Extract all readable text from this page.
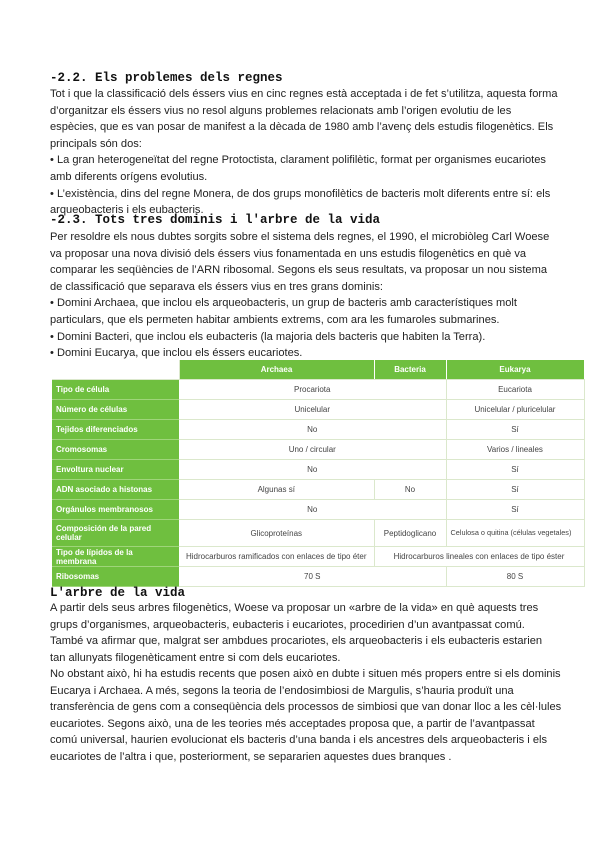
-2.2. Els problemes dels regnes

Tot i que la classificació dels éssers vius en cinc regnes està acceptada i de fet s’utilitza, aquesta forma d’organitzar els éssers vius no resol alguns problemes relacionats amb l’origen evolutiu de les espècies, que es van posar de manifest a la dècada de 1980 amb l’avenç dels estudis filogenètics. Els principals són dos:

• La gran heterogeneïtat del regne Protoctista, clarament polifilètic, format per organismes eucariotes amb diferents orígens evolutius.

• L’existència, dins del regne Monera, de dos grups monofilètics de bacteris molt diferents entre sí: els arqueobacteris i els eubacteris.

-2.3. Tots tres dominis i l'arbre de la vida

Per resoldre els nous dubtes sorgits sobre el sistema dels regnes, el 1990, el microbiòleg Carl Woese va proposar una nova divisió dels éssers vius fonamentada en uns estudis filogenètics en què va comparar les seqüències de l’ARN ribosomal. Segons els seus resultats, va proposar un nou sistema de classificació que separava els éssers vius en tres grans dominis:

• Domini Archaea, que inclou els arqueobacteris, un grup de bacteris amb característiques molt particulars, que els permeten habitar ambients extrems, com ara les fumaroles submarines.

• Domini Bacteri, que inclou els eubacteris (la majoria dels bacteris que habiten la Terra).

• Domini Eucarya, que inclou els éssers eucariotes.

	Archaea	Bacteria	Eukarya
Tipo de célula	Procariota		Eucariota
Número de células	Unicelular		Unicelular / pluricelular
Tejidos diferenciados	No		Sí
Cromosomas	Uno / circular		Varios / lineales
Envoltura nuclear	No		Sí
ADN asociado a histonas	Algunas sí	No	Sí
Orgánulos membranosos	No		Sí
Composición de la pared celular	Glicoproteínas	Peptidoglicano	Celulosa o quitina (células vegetales)
Tipo de lípidos de la membrana	Hidrocarburos ramificados con enlaces de tipo éter	Hidrocarburos lineales con enlaces de tipo éster	
Ribosomas	70 S		80 S
L'arbre de la vida

A partir dels seus arbres filogenètics, Woese va proposar un «arbre de la vida» en què aquests tres grups d’organismes, arqueobacteris, eubacteris i eucariotes, procedirien d’un avantpassat comú. També va afirmar que, malgrat ser ambdues procariotes, els arqueobacteris i els eubacteris estarien tan allunyats filogenèticament entre si com dels eucariotes.

No obstant això, hi ha estudis recents que posen això en dubte i situen més propers entre si els dominis Eucarya i Archaea. A més, segons la teoria de l’endosimbiosi de Margulis, s’hauria produït una transferència de gens com a conseqüència dels processos de simbiosi que van donar lloc a les cèl·lules eucariotes. Segons això, una de les teories més acceptades proposa que, a partir de l’avantpassat comú universal, haurien evolucionat els bacteris d’una banda i els ancestres dels arqueobacteris i els eucariotes de l’altra i que, posteriorment, se separarien aquestes dues branques .
